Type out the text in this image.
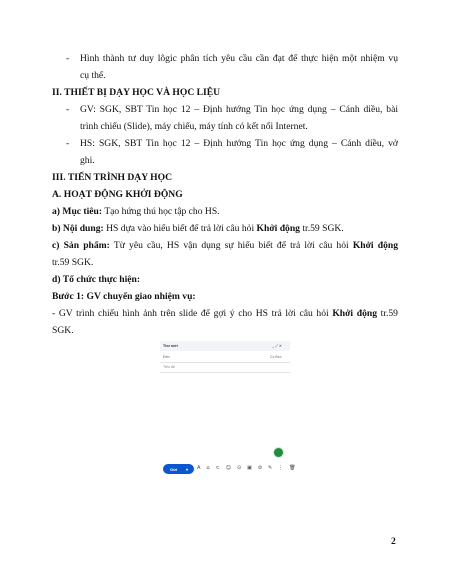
- Hình thành tư duy lôgic phân tích yêu cầu cần đạt để thực hiện một nhiệm vụ
cụ thể.
II. THIẾT BỊ DẠY HỌC VÀ HỌC LIỆU
- GV: SGK, SBT Tin học 12 – Định hướng Tin học ứng dụng – Cánh diều, bài
trình chiếu (Slide), máy chiếu, máy tính có kết nối Internet.
- HS: SGK, SBT Tin học 12 – Định hướng Tin học ứng dụng – Cánh diều, vở
ghi.
III. TIẾN TRÌNH DẠY HỌC
A. HOẠT ĐỘNG KHỞI ĐỘNG
a) Mục tiêu: Tạo hứng thú học tập cho HS.
b) Nội dung: HS dựa vào hiểu biết để trả lời câu hỏi Khởi động tr.59 SGK.
c) Sản phẩm: Từ yêu cầu, HS vận dụng sự hiểu biết để trả lời câu hỏi Khởi động
tr.59 SGK.
d) Tổ chức thực hiện:
Bước 1: GV chuyển giao nhiệm vụ:
- GV trình chiếu hình ảnh trên slide để gợi ý cho HS trả lời câu hỏi Khởi động tr.59
SGK.
Thư mới	_ ⤢ ✕
Đến	Cc Bcc
Tiêu đề
Gửi ▾ A ⌂ ⊂ ☺ ⊙ ▣ ⊘ ✎ ⋮ 🗑
2
